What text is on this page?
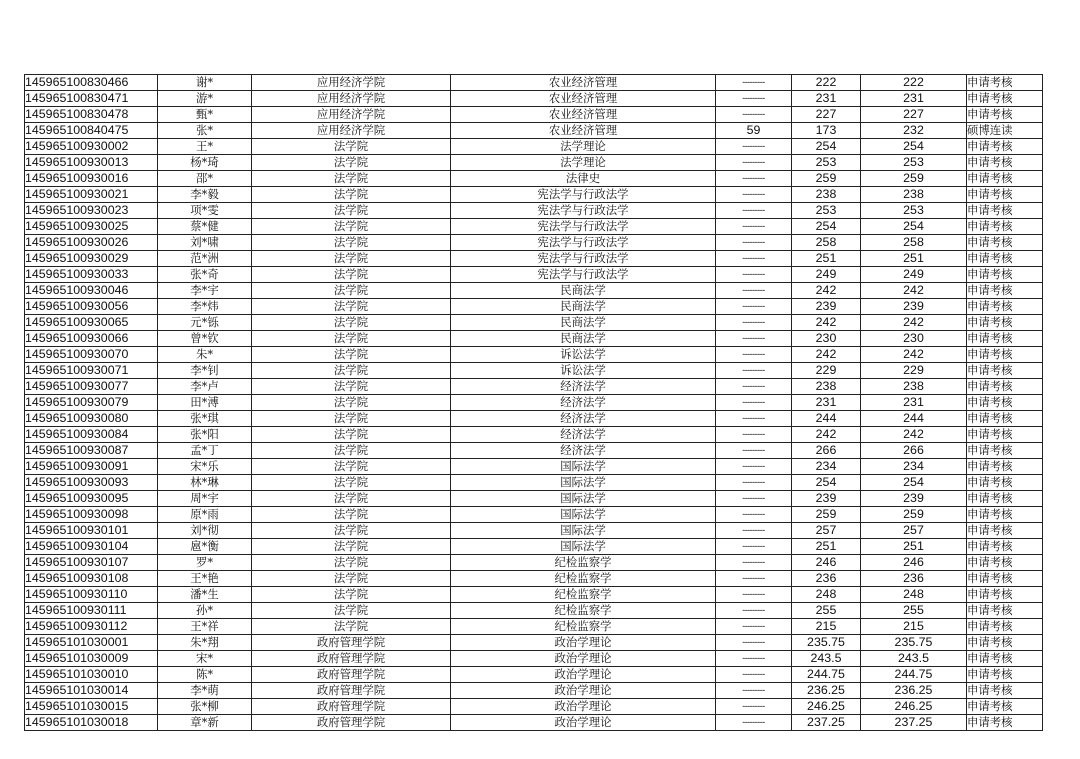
145965100830466	谢*	应用经济学院	农业经济管理	---------	222	222	申请考核
145965100830471	游*	应用经济学院	农业经济管理	---------	231	231	申请考核
145965100830478	甄*	应用经济学院	农业经济管理	---------	227	227	申请考核
145965100840475	张*	应用经济学院	农业经济管理	59	173	232	硕博连读
145965100930002	王*	法学院	法学理论	---------	254	254	申请考核
145965100930013	杨*琦	法学院	法学理论	---------	253	253	申请考核
145965100930016	邵*	法学院	法律史	---------	259	259	申请考核
145965100930021	李*毅	法学院	宪法学与行政法学	---------	238	238	申请考核
145965100930023	项*雯	法学院	宪法学与行政法学	---------	253	253	申请考核
145965100930025	蔡*健	法学院	宪法学与行政法学	---------	254	254	申请考核
145965100930026	刘*啸	法学院	宪法学与行政法学	---------	258	258	申请考核
145965100930029	范*洲	法学院	宪法学与行政法学	---------	251	251	申请考核
145965100930033	张*奇	法学院	宪法学与行政法学	---------	249	249	申请考核
145965100930046	李*宇	法学院	民商法学	---------	242	242	申请考核
145965100930056	李*炜	法学院	民商法学	---------	239	239	申请考核
145965100930065	元*铄	法学院	民商法学	---------	242	242	申请考核
145965100930066	曾*钦	法学院	民商法学	---------	230	230	申请考核
145965100930070	朱*	法学院	诉讼法学	---------	242	242	申请考核
145965100930071	李*钊	法学院	诉讼法学	---------	229	229	申请考核
145965100930077	李*卢	法学院	经济法学	---------	238	238	申请考核
145965100930079	田*溥	法学院	经济法学	---------	231	231	申请考核
145965100930080	张*琪	法学院	经济法学	---------	244	244	申请考核
145965100930084	张*阳	法学院	经济法学	---------	242	242	申请考核
145965100930087	孟*丁	法学院	经济法学	---------	266	266	申请考核
145965100930091	宋*乐	法学院	国际法学	---------	234	234	申请考核
145965100930093	林*琳	法学院	国际法学	---------	254	254	申请考核
145965100930095	周*宇	法学院	国际法学	---------	239	239	申请考核
145965100930098	原*雨	法学院	国际法学	---------	259	259	申请考核
145965100930101	刘*彻	法学院	国际法学	---------	257	257	申请考核
145965100930104	扈*衡	法学院	国际法学	---------	251	251	申请考核
145965100930107	罗*	法学院	纪检监察学	---------	246	246	申请考核
145965100930108	王*艳	法学院	纪检监察学	---------	236	236	申请考核
145965100930110	潘*生	法学院	纪检监察学	---------	248	248	申请考核
145965100930111	孙*	法学院	纪检监察学	---------	255	255	申请考核
145965100930112	王*祥	法学院	纪检监察学	---------	215	215	申请考核
145965101030001	朱*翔	政府管理学院	政治学理论	---------	235.75	235.75	申请考核
145965101030009	宋*	政府管理学院	政治学理论	---------	243.5	243.5	申请考核
145965101030010	陈*	政府管理学院	政治学理论	---------	244.75	244.75	申请考核
145965101030014	李*萌	政府管理学院	政治学理论	---------	236.25	236.25	申请考核
145965101030015	张*柳	政府管理学院	政治学理论	---------	246.25	246.25	申请考核
145965101030018	章*新	政府管理学院	政治学理论	---------	237.25	237.25	申请考核
